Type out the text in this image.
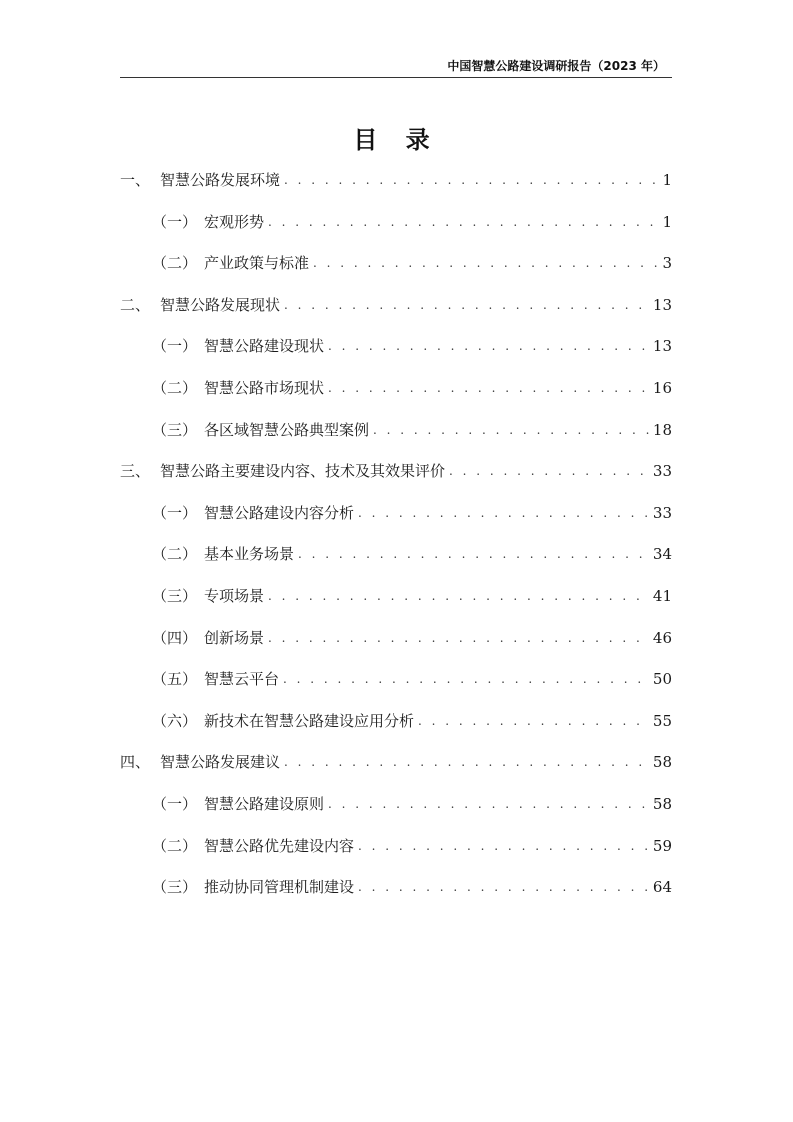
中国智慧公路建设调研报告（2023 年）
目 录
一、 智慧公路发展环境 . . .	1
（一） 宏观形势 . . .	1
（二） 产业政策与标准 . . .	3
二、 智慧公路发展现状 . . .	13
（一） 智慧公路建设现状 . . .	13
（二） 智慧公路市场现状 . . .	16
（三） 各区域智慧公路典型案例 . . .	18
三、 智慧公路主要建设内容、技术及其效果评价 . . .	33
（一） 智慧公路建设内容分析 . . .	33
（二） 基本业务场景 . . .	34
（三） 专项场景 . . .	41
（四） 创新场景 . . .	46
（五） 智慧云平台 . . .	50
（六） 新技术在智慧公路建设应用分析 . . .	55
四、 智慧公路发展建议 . . .	58
（一） 智慧公路建设原则 . . .	58
（二） 智慧公路优先建设内容 . . .	59
（三） 推动协同管理机制建设 . . .	64
